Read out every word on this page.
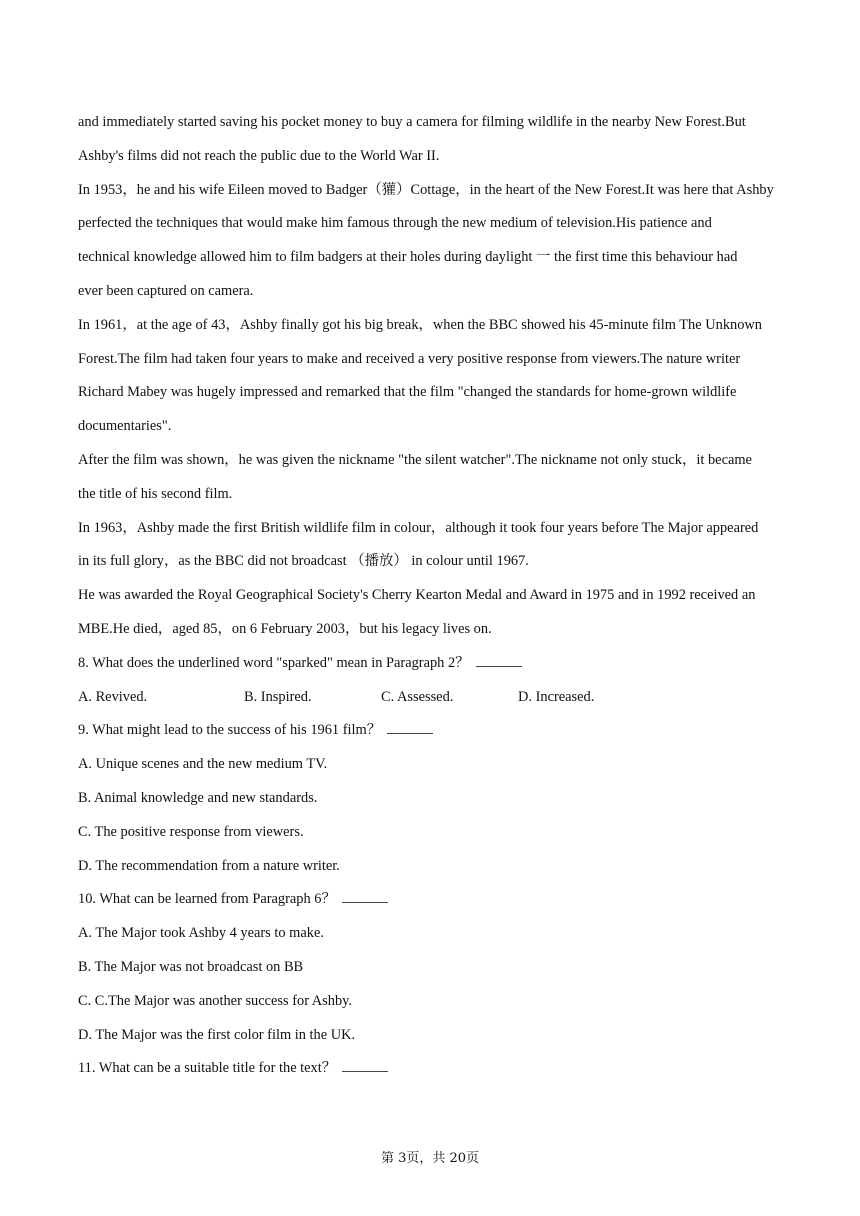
and immediately started saving his pocket money to buy a camera for filming wildlife in the nearby New Forest.But
Ashby's films did not reach the public due to the World War II.
In 1953，he and his wife Eileen moved to Badger（獾）Cottage，in the heart of the New Forest.It was here that Ashby
perfected the techniques that would make him famous through the new medium of television.His patience and
technical knowledge allowed him to film badgers at their holes during daylight 一 the first time this behaviour had
ever been captured on camera.
In 1961，at the age of 43，Ashby finally got his big break，when the BBC showed his 45-minute film The Unknown
Forest.The film had taken four years to make and received a very positive response from viewers.The nature writer
Richard Mabey was hugely impressed and remarked that the film "changed the standards for home-grown wildlife
documentaries".
After the film was shown，he was given the nickname "the silent watcher".The nickname not only stuck，it became
the title of his second film.
In 1963，Ashby made the first British wildlife film in colour，although it took four years before The Major appeared
in its full glory，as the BBC did not broadcast （播放） in colour until 1967.
He was awarded the Royal Geographical Society's Cherry Kearton Medal and Award in 1975 and in 1992 received an
MBE.He died，aged 85，on 6 February 2003，but his legacy lives on.
8. What does the underlined word "sparked" mean in Paragraph 2？
A. Revived.	B. Inspired.	C. Assessed.	D. Increased.
9. What might lead to the success of his 1961 film？
A. Unique scenes and the new medium TV.
B. Animal knowledge and new standards.
C. The positive response from viewers.
D. The recommendation from a nature writer.
10. What can be learned from Paragraph 6？
A. The Major took Ashby 4 years to make.
B. The Major was not broadcast on BB
C. C.The Major was another success for Ashby.
D. The Major was the first color film in the UK.
11. What can be a suitable title for the text？
第 3页，共 20页
